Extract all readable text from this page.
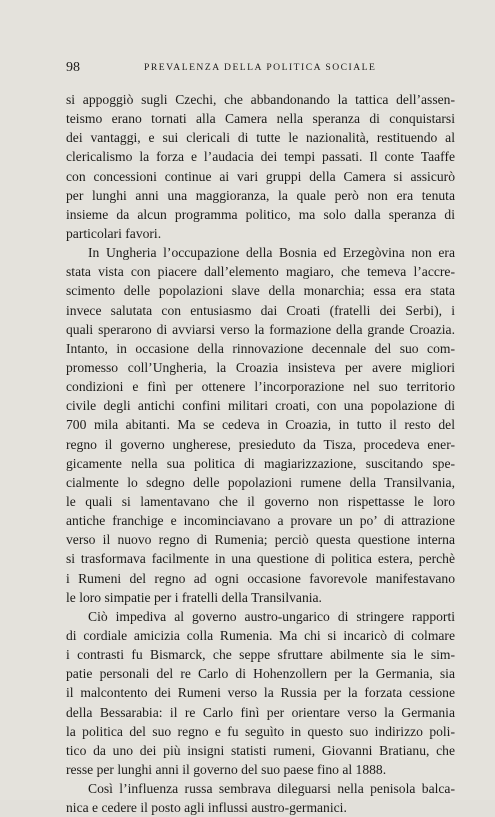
98	PREVALENZA DELLA POLITICA SOCIALE
si appoggiò sugli Czechi, che abbandonando la tattica dell’assen-
teismo erano tornati alla Camera nella speranza di conquistarsi
dei vantaggi, e sui clericali di tutte le nazionalità, restituendo al
clericalismo la forza e l’audacia dei tempi passati. Il conte Taaffe
con concessioni continue ai vari gruppi della Camera si assicurò
per lunghi anni una maggioranza, la quale però non era tenuta
insieme da alcun programma politico, ma solo dalla speranza di
particolari favori.
In Ungheria l’occupazione della Bosnia ed Erzegòvina non era
stata vista con piacere dall’elemento magiaro, che temeva l’accre-
scimento delle popolazioni slave della monarchia; essa era stata
invece salutata con entusiasmo dai Croati (fratelli dei Serbi), i
quali sperarono di avviarsi verso la formazione della grande Croazia.
Intanto, in occasione della rinnovazione decennale del suo com-
promesso coll’Ungheria, la Croazia insisteva per avere migliori
condizioni e finì per ottenere l’incorporazione nel suo territorio
civile degli antichi confini militari croati, con una popolazione di
700 mila abitanti. Ma se cedeva in Croazia, in tutto il resto del
regno il governo ungherese, presieduto da Tisza, procedeva ener-
gicamente nella sua politica di magiarizzazione, suscitando spe-
cialmente lo sdegno delle popolazioni rumene della Transilvania,
le quali si lamentavano che il governo non rispettasse le loro
antiche franchige e incominciavano a provare un po’ di attrazione
verso il nuovo regno di Rumenia; perciò questa questione interna
si trasformava facilmente in una questione di politica estera, perchè
i Rumeni del regno ad ogni occasione favorevole manifestavano
le loro simpatie per i fratelli della Transilvania.
Ciò impediva al governo austro-ungarico di stringere rapporti
di cordiale amicizia colla Rumenia. Ma chi si incaricò di colmare
i contrasti fu Bismarck, che seppe sfruttare abilmente sia le sim-
patie personali del re Carlo di Hohenzollern per la Germania, sia
il malcontento dei Rumeni verso la Russia per la forzata cessione
della Bessarabia: il re Carlo finì per orientare verso la Germania
la politica del suo regno e fu seguìto in questo suo indirizzo poli-
tico da uno dei più insigni statisti rumeni, Giovanni Bratianu, che
resse per lunghi anni il governo del suo paese fino al 1888.
Così l’influenza russa sembrava dileguarsi nella penisola balca-
nica e cedere il posto agli influssi austro-germanici.
